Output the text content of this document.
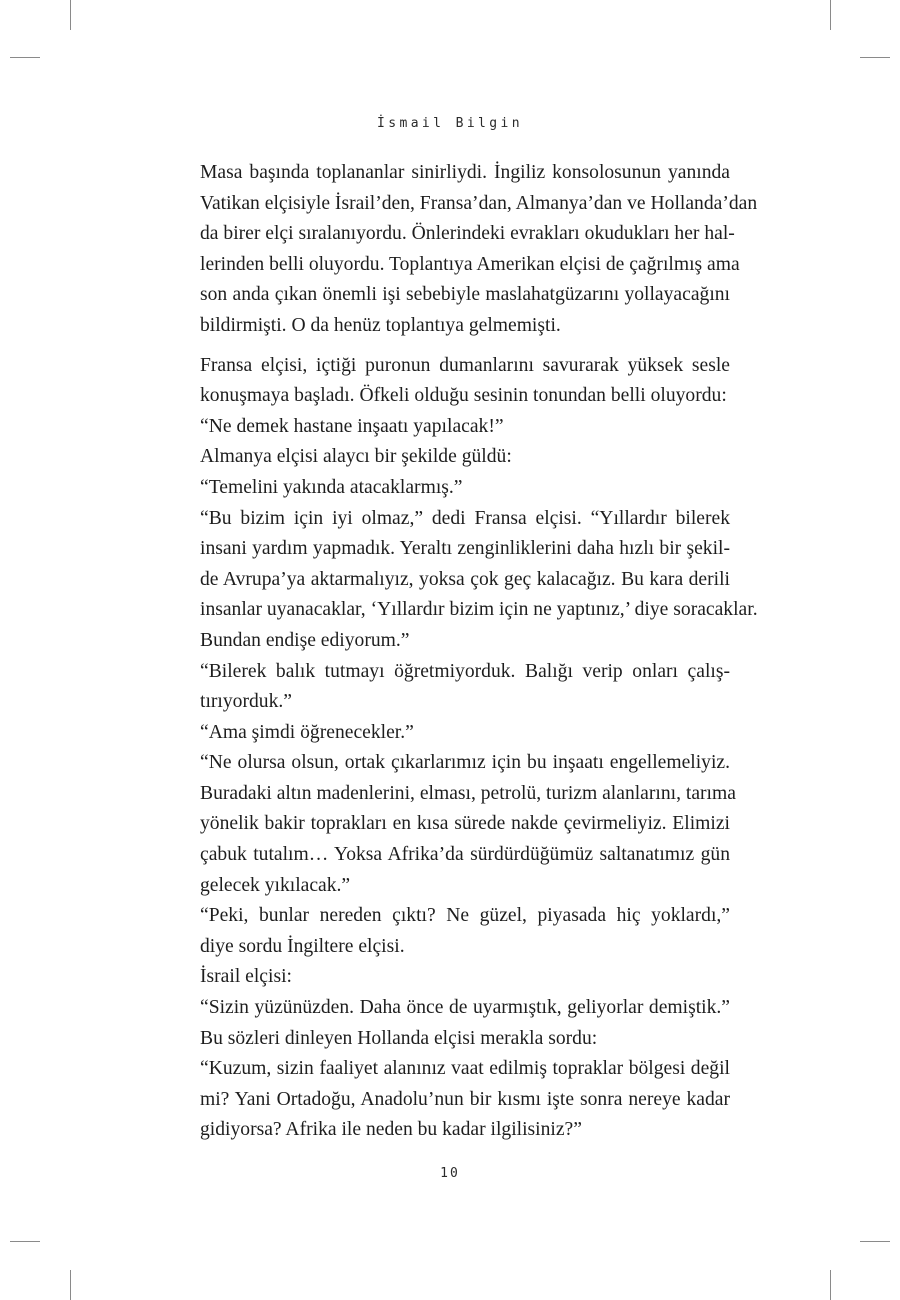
İsmail Bilgin

Masa başında toplananlar sinirliydi. İngiliz konsolosunun yanında
Vatikan elçisiyle İsrail’den, Fransa’dan, Almanya’dan ve Hollanda’dan
da birer elçi sıralanıyordu. Önlerindeki evrakları okudukları her hal-
lerinden belli oluyordu. Toplantıya Amerikan elçisi de çağrılmış ama
son anda çıkan önemli işi sebebiyle maslahatgüzarını yollayacağını
bildirmişti. O da henüz toplantıya gelmemişti.

Fransa elçisi, içtiği puronun dumanlarını savurarak yüksek sesle
konuşmaya başladı. Öfkeli olduğu sesinin tonundan belli oluyordu:

“Ne demek hastane inşaatı yapılacak!”

Almanya elçisi alaycı bir şekilde güldü:

“Temelini yakında atacaklarmış.”

“Bu bizim için iyi olmaz,” dedi Fransa elçisi. “Yıllardır bilerek
insani yardım yapmadık. Yeraltı zenginliklerini daha hızlı bir şekil-
de Avrupa’ya aktarmalıyız, yoksa çok geç kalacağız. Bu kara derili
insanlar uyanacaklar, ‘Yıllardır bizim için ne yaptınız,’ diye soracaklar.
Bundan endişe ediyorum.”

“Bilerek balık tutmayı öğretmiyorduk. Balığı verip onları çalış-
tırıyorduk.”

“Ama şimdi öğrenecekler.”

“Ne olursa olsun, ortak çıkarlarımız için bu inşaatı engellemeliyiz.
Buradaki altın madenlerini, elması, petrolü, turizm alanlarını, tarıma
yönelik bakir toprakları en kısa sürede nakde çevirmeliyiz. Elimizi
çabuk tutalım… Yoksa Afrika’da sürdürdüğümüz saltanatımız gün
gelecek yıkılacak.”

“Peki, bunlar nereden çıktı? Ne güzel, piyasada hiç yoklardı,”
diye sordu İngiltere elçisi.

İsrail elçisi:

“Sizin yüzünüzden. Daha önce de uyarmıştık, geliyorlar demiştik.”
Bu sözleri dinleyen Hollanda elçisi merakla sordu:

“Kuzum, sizin faaliyet alanınız vaat edilmiş topraklar bölgesi değil
mi? Yani Ortadoğu, Anadolu’nun bir kısmı işte sonra nereye kadar
gidiyorsa? Afrika ile neden bu kadar ilgilisiniz?”

10
